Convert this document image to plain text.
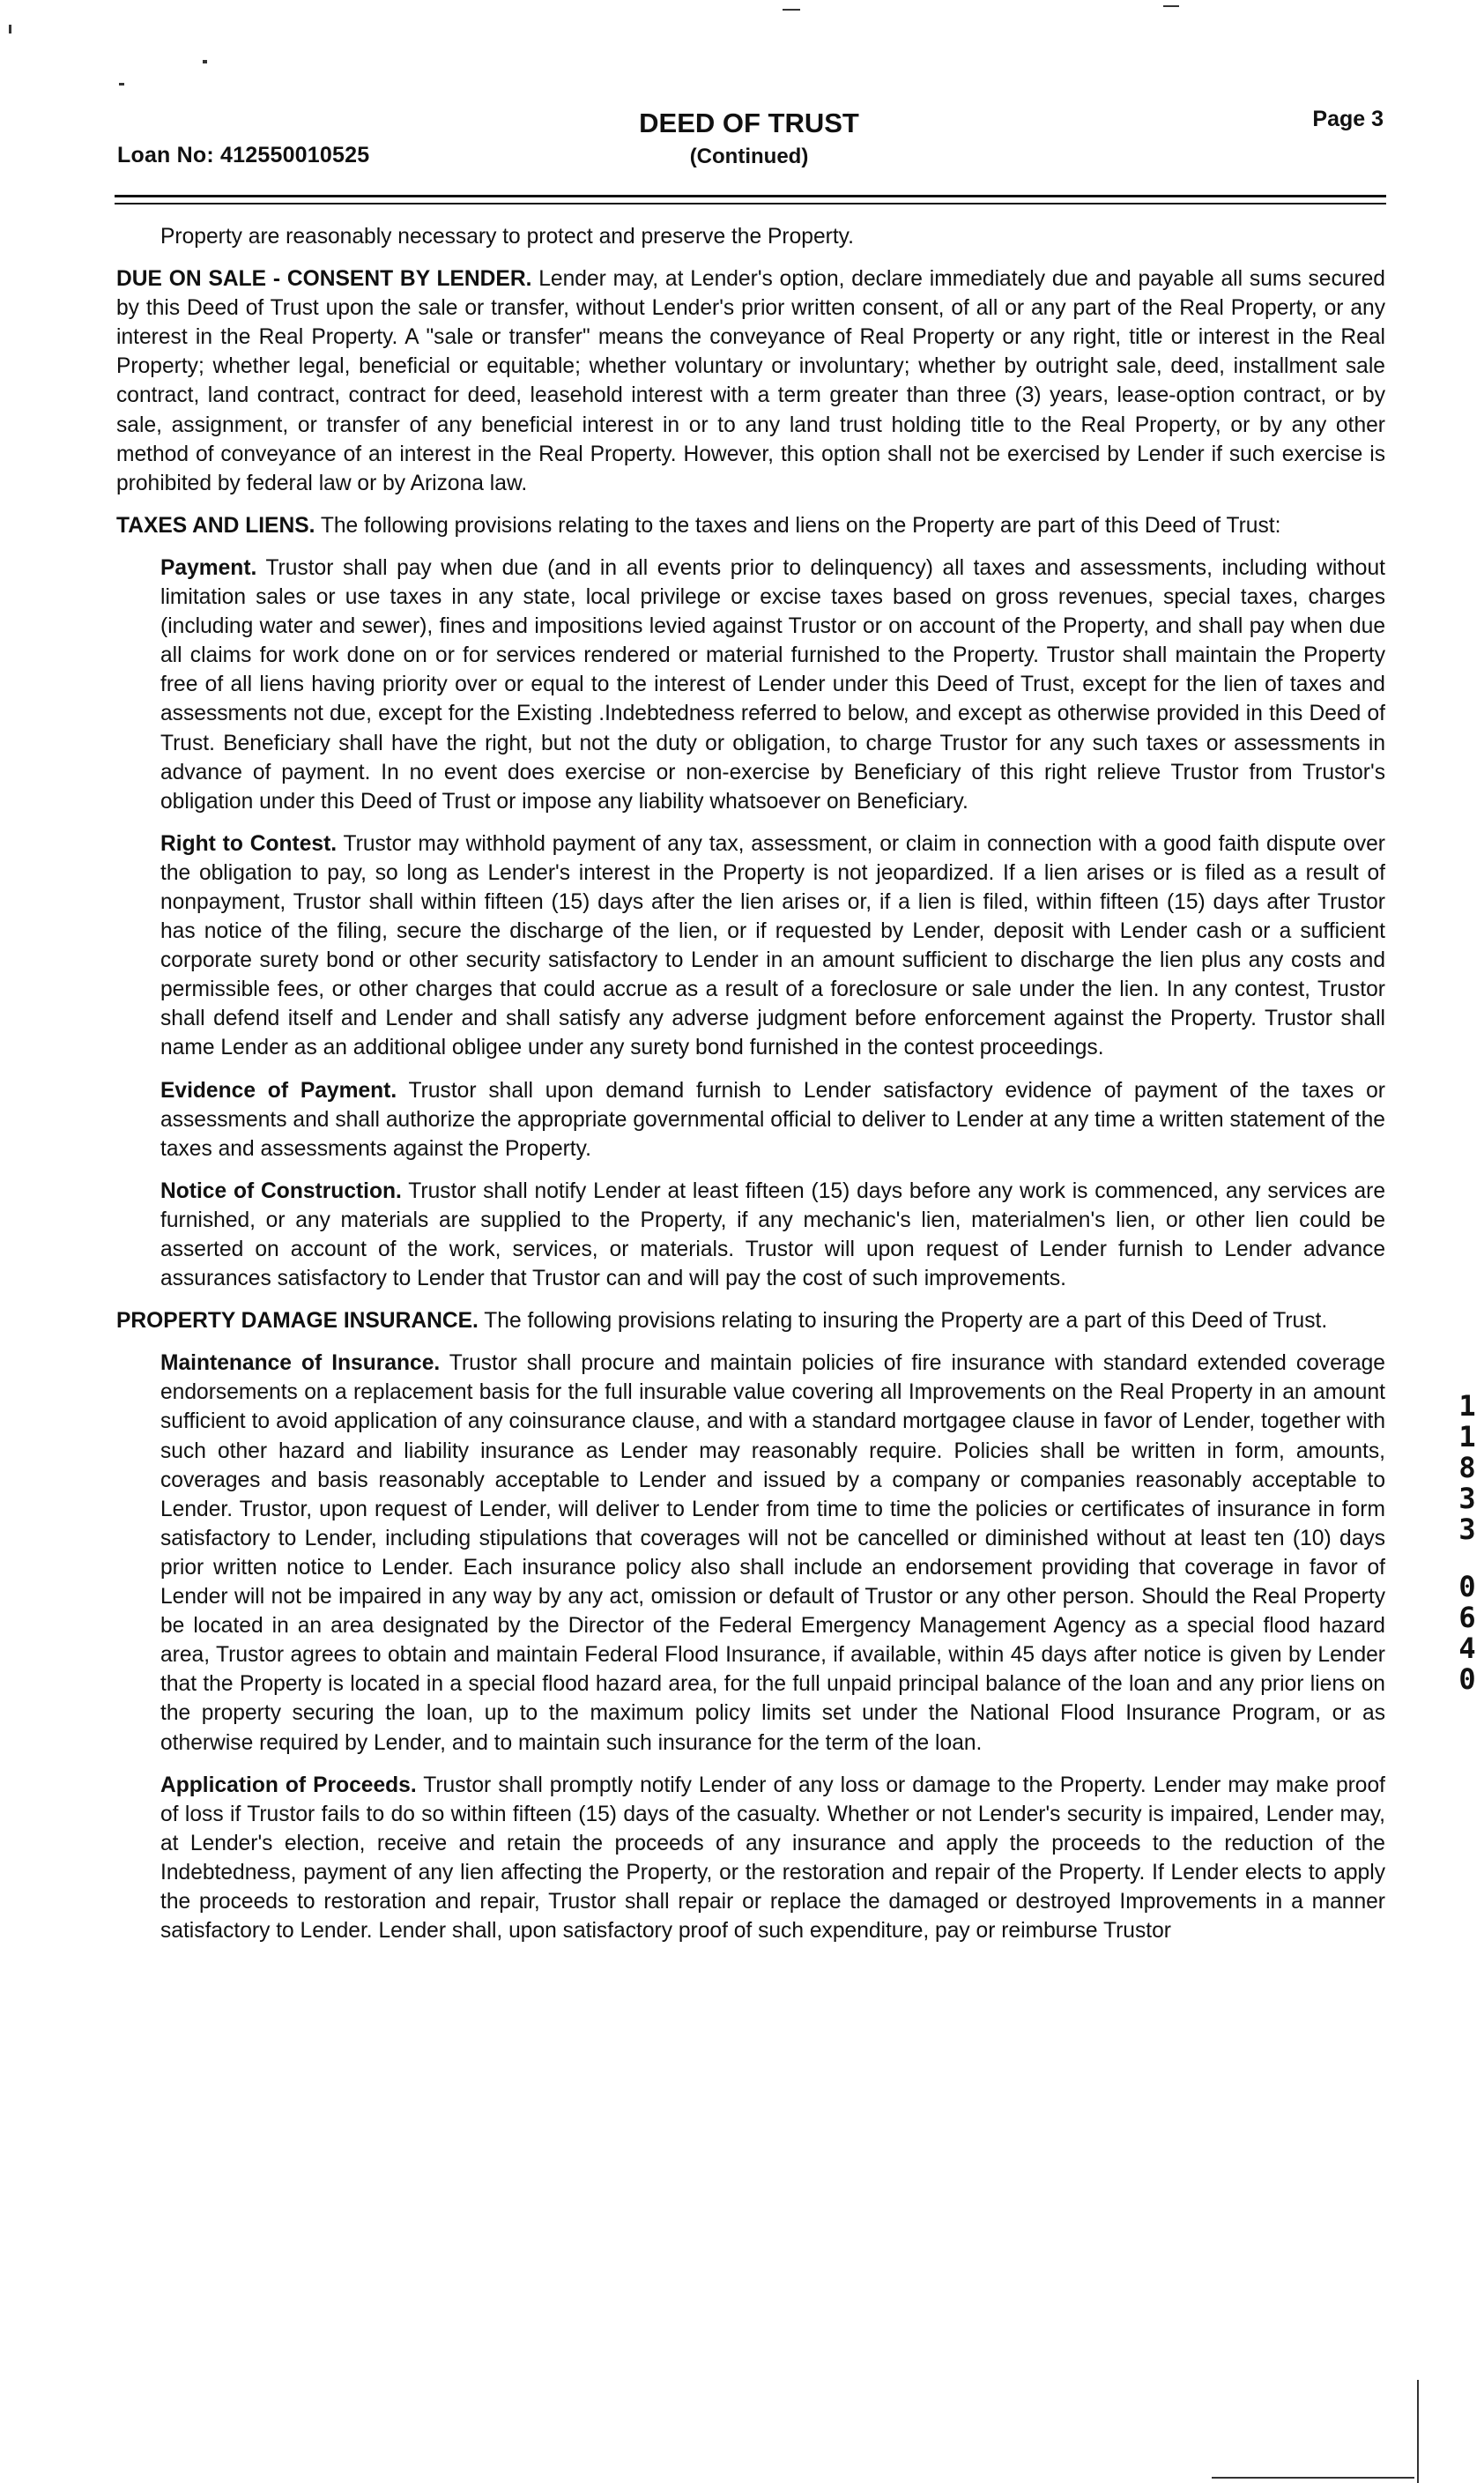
Loan No: 412550010525
DEED OF TRUST
(Continued)
Page 3

Property are reasonably necessary to protect and preserve the Property.

DUE ON SALE - CONSENT BY LENDER. Lender may, at Lender's option, declare immediately due and payable all sums secured by this Deed of Trust upon the sale or transfer, without Lender's prior written consent, of all or any part of the Real Property, or any interest in the Real Property. A "sale or transfer" means the conveyance of Real Property or any right, title or interest in the Real Property; whether legal, beneficial or equitable; whether voluntary or involuntary; whether by outright sale, deed, installment sale contract, land contract, contract for deed, leasehold interest with a term greater than three (3) years, lease-option contract, or by sale, assignment, or transfer of any beneficial interest in or to any land trust holding title to the Real Property, or by any other method of conveyance of an interest in the Real Property. However, this option shall not be exercised by Lender if such exercise is prohibited by federal law or by Arizona law.

TAXES AND LIENS. The following provisions relating to the taxes and liens on the Property are part of this Deed of Trust:

Payment. Trustor shall pay when due (and in all events prior to delinquency) all taxes and assessments, including without limitation sales or use taxes in any state, local privilege or excise taxes based on gross revenues, special taxes, charges (including water and sewer), fines and impositions levied against Trustor or on account of the Property, and shall pay when due all claims for work done on or for services rendered or material furnished to the Property. Trustor shall maintain the Property free of all liens having priority over or equal to the interest of Lender under this Deed of Trust, except for the lien of taxes and assessments not due, except for the Existing .Indebtedness referred to below, and except as otherwise provided in this Deed of Trust. Beneficiary shall have the right, but not the duty or obligation, to charge Trustor for any such taxes or assessments in advance of payment. In no event does exercise or non-exercise by Beneficiary of this right relieve Trustor from Trustor's obligation under this Deed of Trust or impose any liability whatsoever on Beneficiary.

Right to Contest. Trustor may withhold payment of any tax, assessment, or claim in connection with a good faith dispute over the obligation to pay, so long as Lender's interest in the Property is not jeopardized. If a lien arises or is filed as a result of nonpayment, Trustor shall within fifteen (15) days after the lien arises or, if a lien is filed, within fifteen (15) days after Trustor has notice of the filing, secure the discharge of the lien, or if requested by Lender, deposit with Lender cash or a sufficient corporate surety bond or other security satisfactory to Lender in an amount sufficient to discharge the lien plus any costs and permissible fees, or other charges that could accrue as a result of a foreclosure or sale under the lien. In any contest, Trustor shall defend itself and Lender and shall satisfy any adverse judgment before enforcement against the Property. Trustor shall name Lender as an additional obligee under any surety bond furnished in the contest proceedings.

Evidence of Payment. Trustor shall upon demand furnish to Lender satisfactory evidence of payment of the taxes or assessments and shall authorize the appropriate governmental official to deliver to Lender at any time a written statement of the taxes and assessments against the Property.

Notice of Construction. Trustor shall notify Lender at least fifteen (15) days before any work is commenced, any services are furnished, or any materials are supplied to the Property, if any mechanic's lien, materialmen's lien, or other lien could be asserted on account of the work, services, or materials. Trustor will upon request of Lender furnish to Lender advance assurances satisfactory to Lender that Trustor can and will pay the cost of such improvements.

PROPERTY DAMAGE INSURANCE. The following provisions relating to insuring the Property are a part of this Deed of Trust.

Maintenance of Insurance. Trustor shall procure and maintain policies of fire insurance with standard extended coverage endorsements on a replacement basis for the full insurable value covering all Improvements on the Real Property in an amount sufficient to avoid application of any coinsurance clause, and with a standard mortgagee clause in favor of Lender, together with such other hazard and liability insurance as Lender may reasonably require. Policies shall be written in form, amounts, coverages and basis reasonably acceptable to Lender and issued by a company or companies reasonably acceptable to Lender. Trustor, upon request of Lender, will deliver to Lender from time to time the policies or certificates of insurance in form satisfactory to Lender, including stipulations that coverages will not be cancelled or diminished without at least ten (10) days prior written notice to Lender. Each insurance policy also shall include an endorsement providing that coverage in favor of Lender will not be impaired in any way by any act, omission or default of Trustor or any other person. Should the Real Property be located in an area designated by the Director of the Federal Emergency Management Agency as a special flood hazard area, Trustor agrees to obtain and maintain Federal Flood Insurance, if available, within 45 days after notice is given by Lender that the Property is located in a special flood hazard area, for the full unpaid principal balance of the loan and any prior liens on the property securing the loan, up to the maximum policy limits set under the National Flood Insurance Program, or as otherwise required by Lender, and to maintain such insurance for the term of the loan.

Application of Proceeds. Trustor shall promptly notify Lender of any loss or damage to the Property. Lender may make proof of loss if Trustor fails to do so within fifteen (15) days of the casualty. Whether or not Lender's security is impaired, Lender may, at Lender's election, receive and retain the proceeds of any insurance and apply the proceeds to the reduction of the Indebtedness, payment of any lien affecting the Property, or the restoration and repair of the Property. If Lender elects to apply the proceeds to restoration and repair, Trustor shall repair or replace the damaged or destroyed Improvements in a manner satisfactory to Lender. Lender shall, upon satisfactory proof of such expenditure, pay or reimburse Trustor

1
1
8
3
3
0
6
4
0
